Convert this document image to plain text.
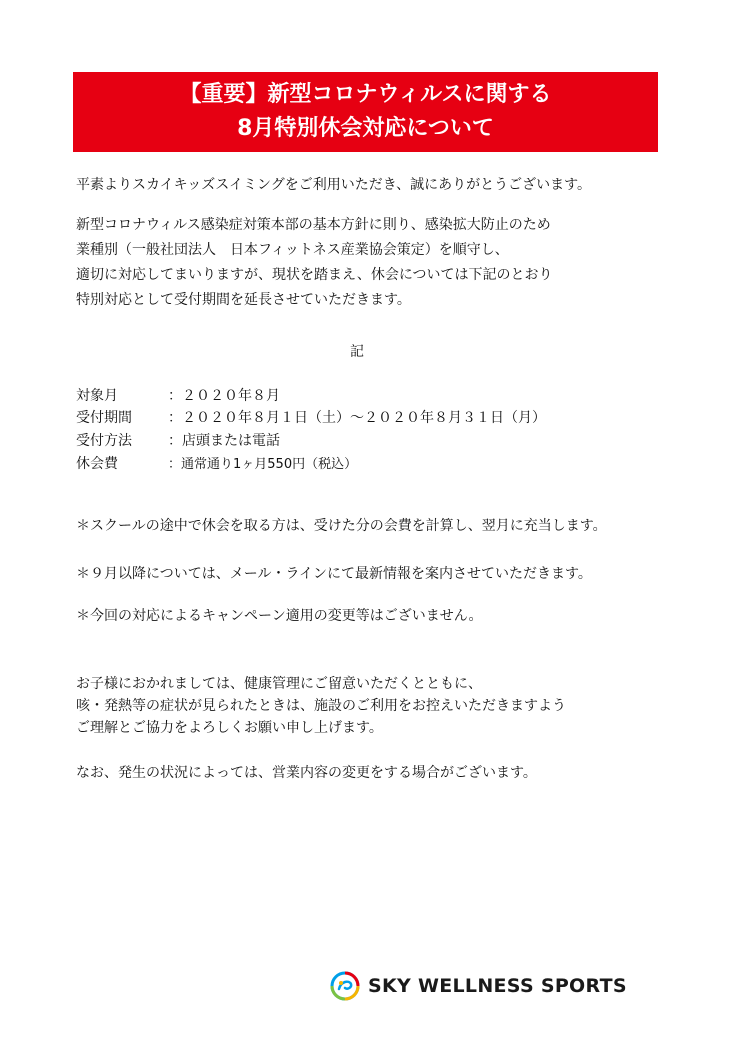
【重要】新型コロナウィルスに関する
8月特別休会対応について
平素よりスカイキッズスイミングをご利用いただき、誠にありがとうございます。
新型コロナウィルス感染症対策本部の基本方針に則り、感染拡大防止のため
業種別（一般社団法人　日本フィットネス産業協会策定）を順守し、
適切に対応してまいりますが、現状を踏まえ、休会については下記のとおり
特別対応として受付期間を延長させていただきます。
記
対象月	：２０２０年８月
受付期間	：２０２０年８月１日（土）～２０２０年８月３１日（月）
受付方法	：店頭または電話
休会費	：通常通り1ヶ月550円（税込）
＊スクールの途中で休会を取る方は、受けた分の会費を計算し、翌月に充当します。
＊９月以降については、メール・ラインにて最新情報を案内させていただきます。
＊今回の対応によるキャンペーン適用の変更等はございません。
お子様におかれましては、健康管理にご留意いただくとともに、
咳・発熱等の症状が見られたときは、施設のご利用をお控えいただきますよう
ご理解とご協力をよろしくお願い申し上げます。
なお、発生の状況によっては、営業内容の変更をする場合がございます。
SKY WELLNESS SPORTS
